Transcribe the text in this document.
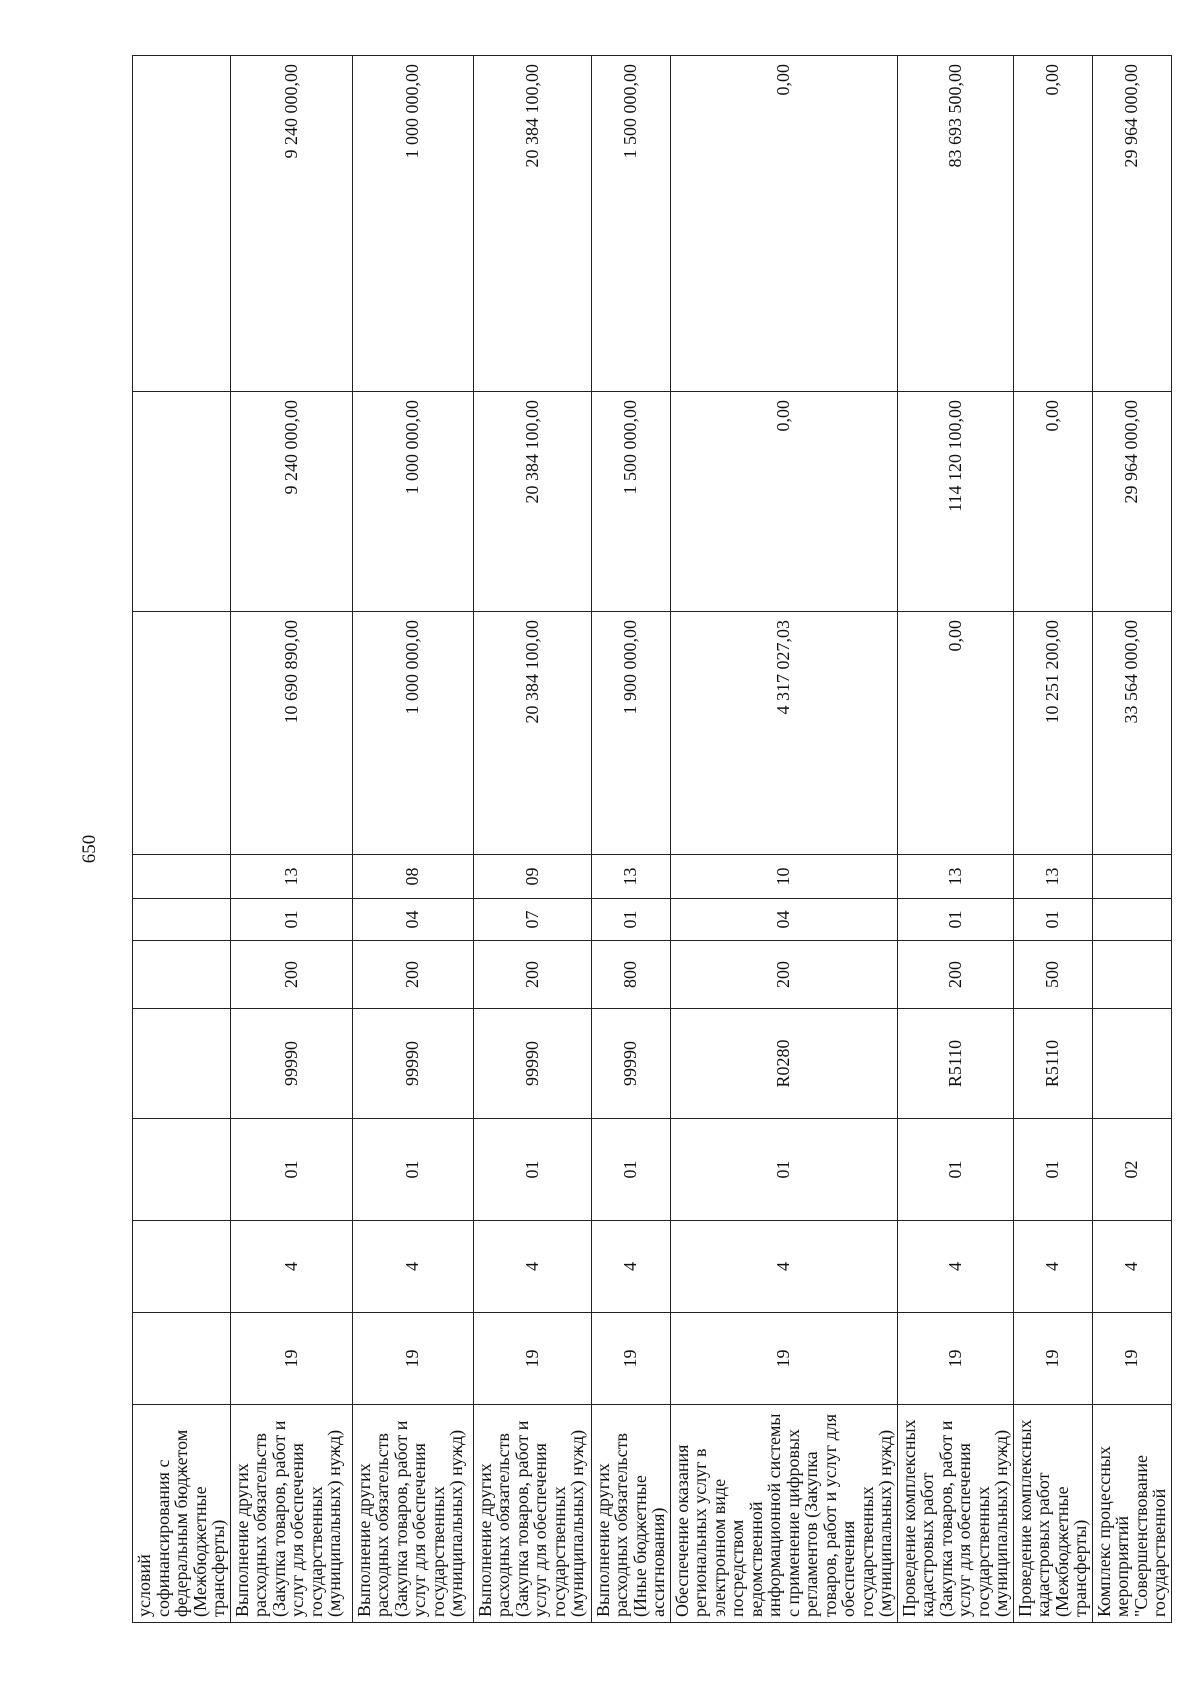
650
условий софинансирования с федеральным бюджетом (Межбюджетные трансферты)										
Выполнение других расходных обязательств (Закупка товаров, работ и услуг для обеспечения государственных (муниципальных) нужд)	19	4	01	99990	200	01	13	10 690 890,00	9 240 000,00	9 240 000,00
Выполнение других расходных обязательств (Закупка товаров, работ и услуг для обеспечения государственных (муниципальных) нужд)	19	4	01	99990	200	04	08	1 000 000,00	1 000 000,00	1 000 000,00
Выполнение других расходных обязательств (Закупка товаров, работ и услуг для обеспечения государственных (муниципальных) нужд)	19	4	01	99990	200	07	09	20 384 100,00	20 384 100,00	20 384 100,00
Выполнение других расходных обязательств (Иные бюджетные ассигнования)	19	4	01	99990	800	01	13	1 900 000,00	1 500 000,00	1 500 000,00
Обеспечение оказания региональных услуг в электронном виде посредством ведомственной информационной системы с применение цифровых регламентов (Закупка товаров, работ и услуг для обеспечения государственных (муниципальных) нужд)	19	4	01	R0280	200	04	10	4 317 027,03	0,00	0,00
Проведение комплексных кадастровых работ (Закупка товаров, работ и услуг для обеспечения государственных (муниципальных) нужд)	19	4	01	R5110	200	01	13	0,00	114 120 100,00	83 693 500,00
Проведение комплексных кадастровых работ (Межбюджетные трансферты)	19	4	01	R5110	500	01	13	10 251 200,00	0,00	0,00
Комплекс процессных мероприятий "Совершенствование государственной	19	4	02					33 564 000,00	29 964 000,00	29 964 000,00
